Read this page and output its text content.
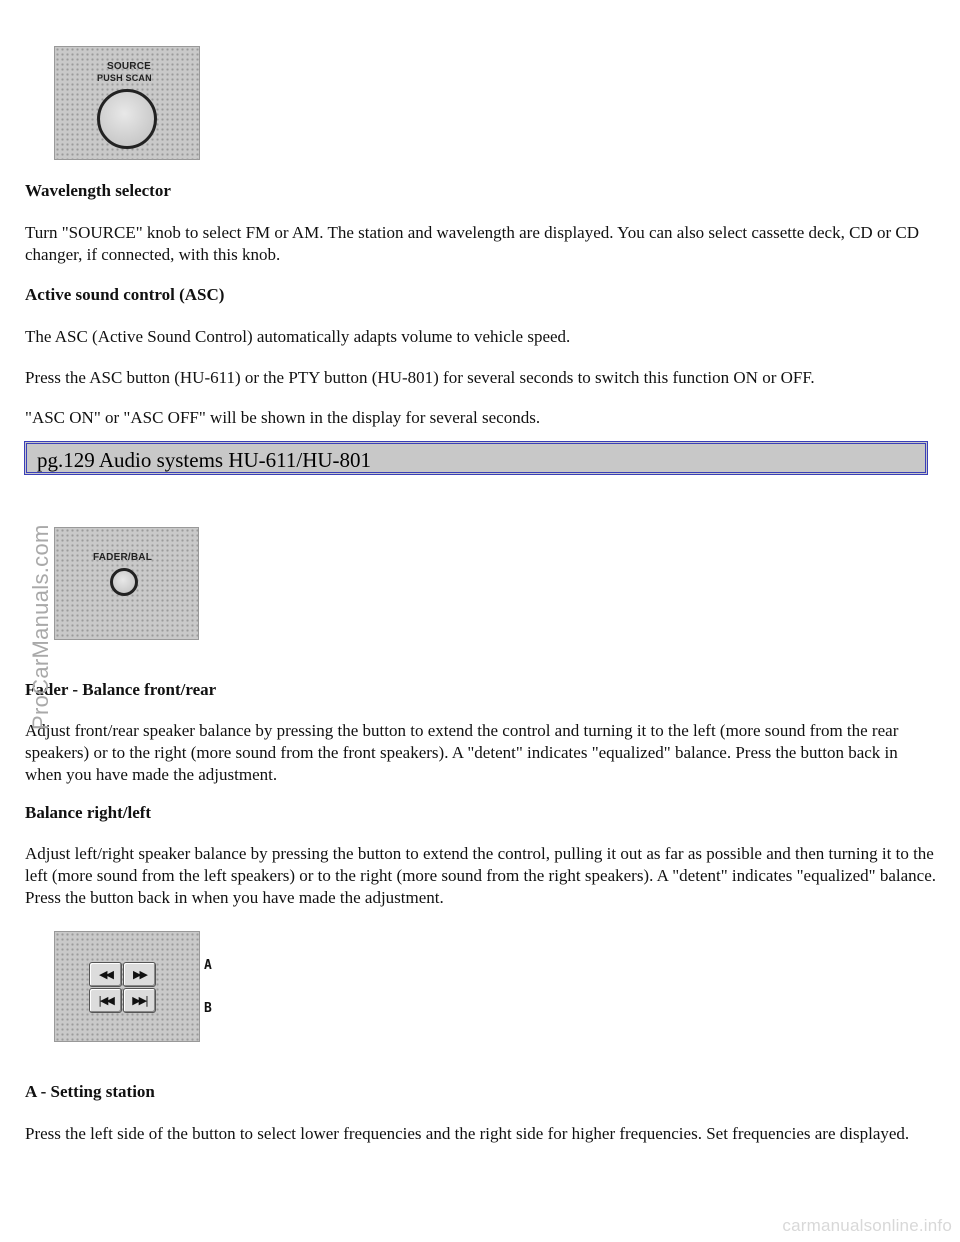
SOURCE
PUSH SCAN
Wavelength selector
Turn "SOURCE" knob to select FM or AM. The station and wavelength are displayed. You can also select cassette deck, CD or CD changer, if connected, with this knob.
Active sound control (ASC)
The ASC (Active Sound Control) automatically adapts volume to vehicle speed.
Press the ASC button (HU-611) or the PTY button (HU-801) for several seconds to switch this function ON or OFF.
"ASC ON" or "ASC OFF" will be shown in the display for several seconds.
pg.129 Audio systems HU-611/HU-801
FADER/BAL
Fader - Balance front/rear
Adjust front/rear speaker balance by pressing the button to extend the control and turning it to the left (more sound from the rear speakers) or to the right (more sound from the front speakers). A "detent" indicates "equalized" balance. Press the button back in when you have made the adjustment.
Balance right/left
Adjust left/right speaker balance by pressing the button to extend the control, pulling it out as far as possible and then turning it to the left (more sound from the left speakers) or to the right (more sound from the right speakers). A "detent" indicates "equalized" balance. Press the button back in when you have made the adjustment.
◀◀	▶▶
|◀◀	▶▶|
A
B
A - Setting station
Press the left side of the button to select lower frequencies and the right side for higher frequencies. Set frequencies are displayed.
ProCarManuals.com
carmanualsonline.info
